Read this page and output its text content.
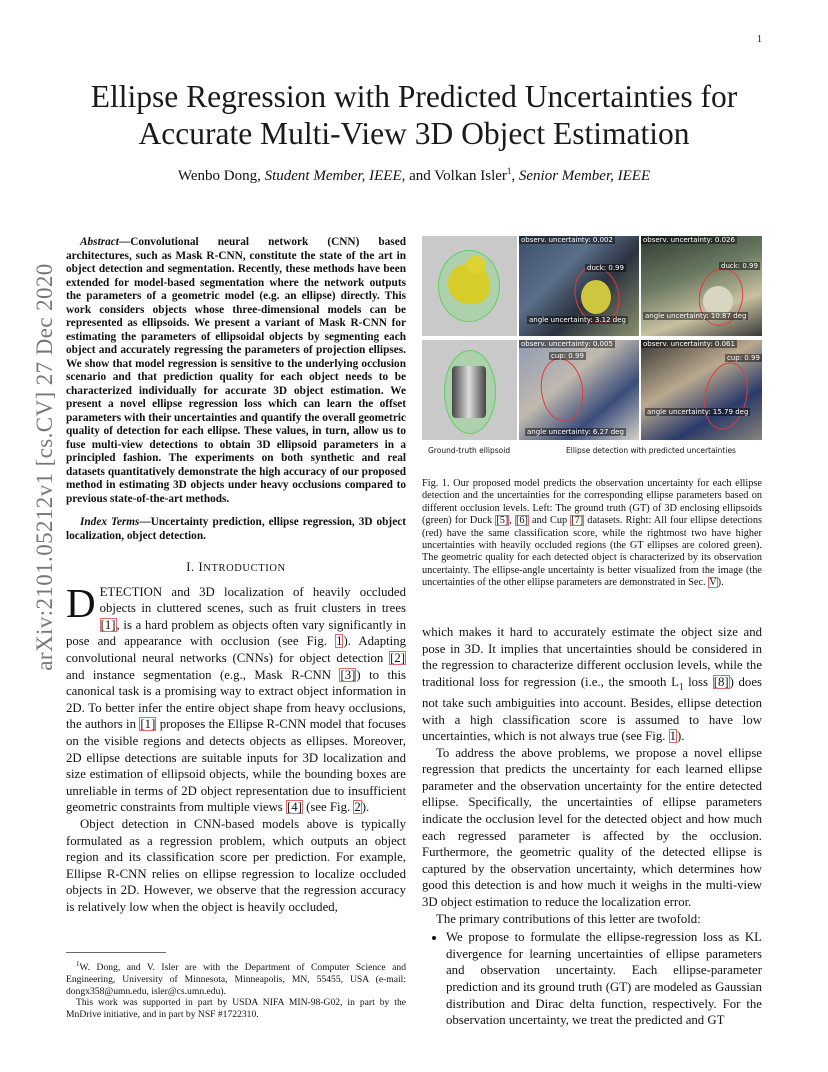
1
Ellipse Regression with Predicted Uncertainties for
Accurate Multi-View 3D Object Estimation
Wenbo Dong, Student Member, IEEE, and Volkan Isler$^1$, Senior Member, IEEE
arXiv:2101.05212v1 [cs.CV] 27 Dec 2020

Abstract—Convolutional neural network (CNN) based architectures, such as Mask R-CNN, constitute the state of the art in object detection and segmentation. Recently, these methods have been extended for model-based segmentation where the network outputs the parameters of a geometric model (e.g. an ellipse) directly. This work considers objects whose three-dimensional models can be represented as ellipsoids. We present a variant of Mask R-CNN for estimating the parameters of ellipsoidal objects by segmenting each object and accurately regressing the parameters of projection ellipses. We show that model regression is sensitive to the underlying occlusion scenario and that prediction quality for each object needs to be characterized individually for accurate 3D object estimation. We present a novel ellipse regression loss which can learn the offset parameters with their uncertainties and quantify the overall geometric quality of detection for each ellipse. These values, in turn, allow us to fuse multi-view detections to obtain 3D ellipsoid parameters in a principled fashion. The experiments on both synthetic and real datasets quantitatively demonstrate the high accuracy of our proposed method in estimating 3D objects under heavy occlusions compared to previous state-of-the-art methods.

Index Terms—Uncertainty prediction, ellipse regression, 3D object localization, object detection.

I. INTRODUCTION

DETECTION and 3D localization of heavily occluded objects in cluttered scenes, such as fruit clusters in trees [1], is a hard problem as objects often vary significantly in pose and appearance with occlusion (see Fig. 1). Adapting convolutional neural networks (CNNs) for object detection [2] and instance segmentation (e.g., Mask R-CNN [3]) to this canonical task is a promising way to extract object information in 2D. To better infer the entire object shape from heavy occlusions, the authors in [1] proposes the Ellipse R-CNN model that focuses on the visible regions and detects objects as ellipses. Moreover, 2D ellipse detections are suitable inputs for 3D localization and size estimation of ellipsoid objects, while the bounding boxes are unreliable in terms of 2D object representation due to insufficient geometric constraints from multiple views [4] (see Fig. 2).

Object detection in CNN-based models above is typically formulated as a regression problem, which outputs an object region and its classification score per prediction. For example, Ellipse R-CNN relies on ellipse regression to localize occluded objects in 2D. However, we observe that the regression accuracy is relatively low when the object is heavily occluded,

$^1$W. Dong, and V. Isler are with the Department of Computer Science and Engineering, University of Minnesota, Minneapolis, MN, 55455, USA (e-mail: dongx358@umn.edu, isler@cs.umn.edu).

This work was supported in part by USDA NIFA MIN-98-G02, in part by the MnDrive initiative, and in part by NSF #1722310.

observ. uncertainty: 0.002
duck: 0.99
angle uncertainty: 3.12 deg
observ. uncertainty: 0.026
duck: 0.99
angle uncertainty: 10.87 deg
observ. uncertainty: 0.005
cup: 0.99
angle uncertainty: 6.27 deg
observ. uncertainty: 0.061
cup: 0.99
angle uncertainty: 15.79 deg
Ground-truth ellipsoid	Ellipse detection with predicted uncertainties

Fig. 1. Our proposed model predicts the observation uncertainty for each ellipse detection and the uncertainties for the corresponding ellipse parameters based on different occlusion levels. Left: The ground truth (GT) of 3D enclosing ellipsoids (green) for Duck [5], [6] and Cup [7] datasets. Right: All four ellipse detections (red) have the same classification score, while the rightmost two have higher uncertainties with heavily occluded regions (the GT ellipses are colored green). The geometric quality for each detected object is characterized by its observation uncertainty. The ellipse-angle uncertainty is better visualized from the image (the uncertainties of the other ellipse parameters are demonstrated in Sec. V).

which makes it hard to accurately estimate the object size and pose in 3D. It implies that uncertainties should be considered in the regression to characterize different occlusion levels, while the traditional loss for regression (i.e., the smooth $L_1$ loss [8]) does not take such ambiguities into account. Besides, ellipse detection with a high classification score is assumed to have low uncertainties, which is not always true (see Fig. 1).

To address the above problems, we propose a novel ellipse regression that predicts the uncertainty for each learned ellipse parameter and the observation uncertainty for the entire detected ellipse. Specifically, the uncertainties of ellipse parameters indicate the occlusion level for the detected object and how much each regressed parameter is affected by the occlusion. Furthermore, the geometric quality of the detected ellipse is captured by the observation uncertainty, which determines how good this detection is and how much it weighs in the multi-view 3D object estimation to reduce the localization error.

The primary contributions of this letter are twofold:

• We propose to formulate the ellipse-regression loss as KL divergence for learning uncertainties of ellipse parameters and observation uncertainty. Each ellipse-parameter prediction and its ground truth (GT) are modeled as Gaussian distribution and Dirac delta function, respectively. For the observation uncertainty, we treat the predicted and GT
